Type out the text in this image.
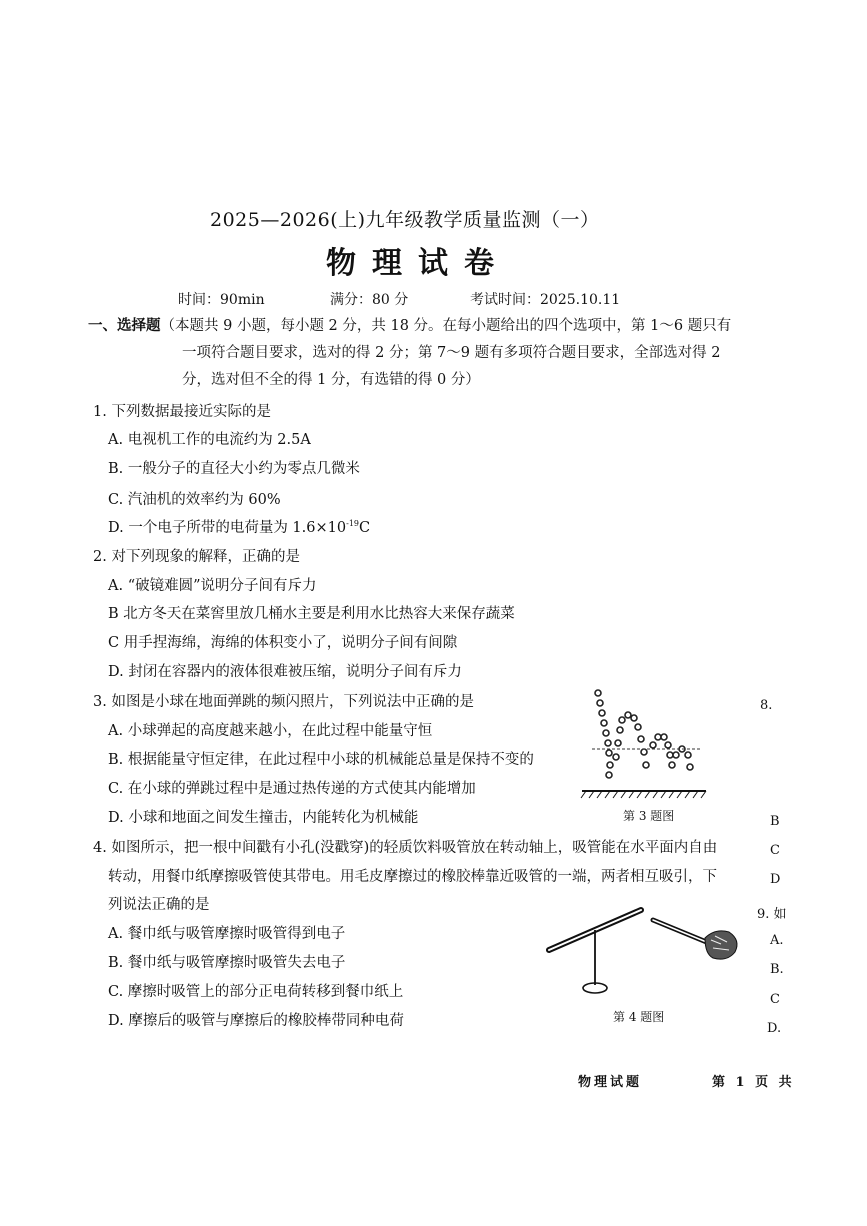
2025—2026(上)九年级教学质量监测（一）
物理试卷
时间：90min	满分：80 分	考试时间：2025.10.11
一、选择题（本题共 9 小题，每小题 2 分，共 18 分。在每小题给出的四个选项中，第 1～6 题只有
一项符合题目要求，选对的得 2 分；第 7～9 题有多项符合题目要求，全部选对得 2
分，选对但不全的得 1 分，有选错的得 0 分）
1. 下列数据最接近实际的是
A. 电视机工作的电流约为 2.5A
B. 一般分子的直径大小约为零点几微米
C. 汽油机的效率约为 60%
D. 一个电子所带的电荷量为 $1.6\times 10^{-19}C$
2. 对下列现象的解释，正确的是
A. “破镜难圆”说明分子间有斥力
B 北方冬天在菜窖里放几桶水主要是利用水比热容大来保存蔬菜
C 用手捏海绵，海绵的体积变小了，说明分子间有间隙
D. 封闭在容器内的液体很难被压缩，说明分子间有斥力
3. 如图是小球在地面弹跳的频闪照片，下列说法中正确的是
A. 小球弹起的高度越来越小，在此过程中能量守恒
B. 根据能量守恒定律，在此过程中小球的机械能总量是保持不变的
C. 在小球的弹跳过程中是通过热传递的方式使其内能增加
D. 小球和地面之间发生撞击，内能转化为机械能	第 3 题图
4. 如图所示，把一根中间戳有小孔(没戳穿)的轻质饮料吸管放在转动轴上，吸管能在水平面内自由
转动，用餐巾纸摩擦吸管使其带电。用毛皮摩擦过的橡胶棒靠近吸管的一端，两者相互吸引，下
列说法正确的是
A. 餐巾纸与吸管摩擦时吸管得到电子
B. 餐巾纸与吸管摩擦时吸管失去电子
C. 摩擦时吸管上的部分正电荷转移到餐巾纸上
D. 摩擦后的吸管与摩擦后的橡胶棒带同种电荷	第 4 题图
8.
B
C
D
9. 如
A.
B.
C
D.
物理试题	第 1 页 共
